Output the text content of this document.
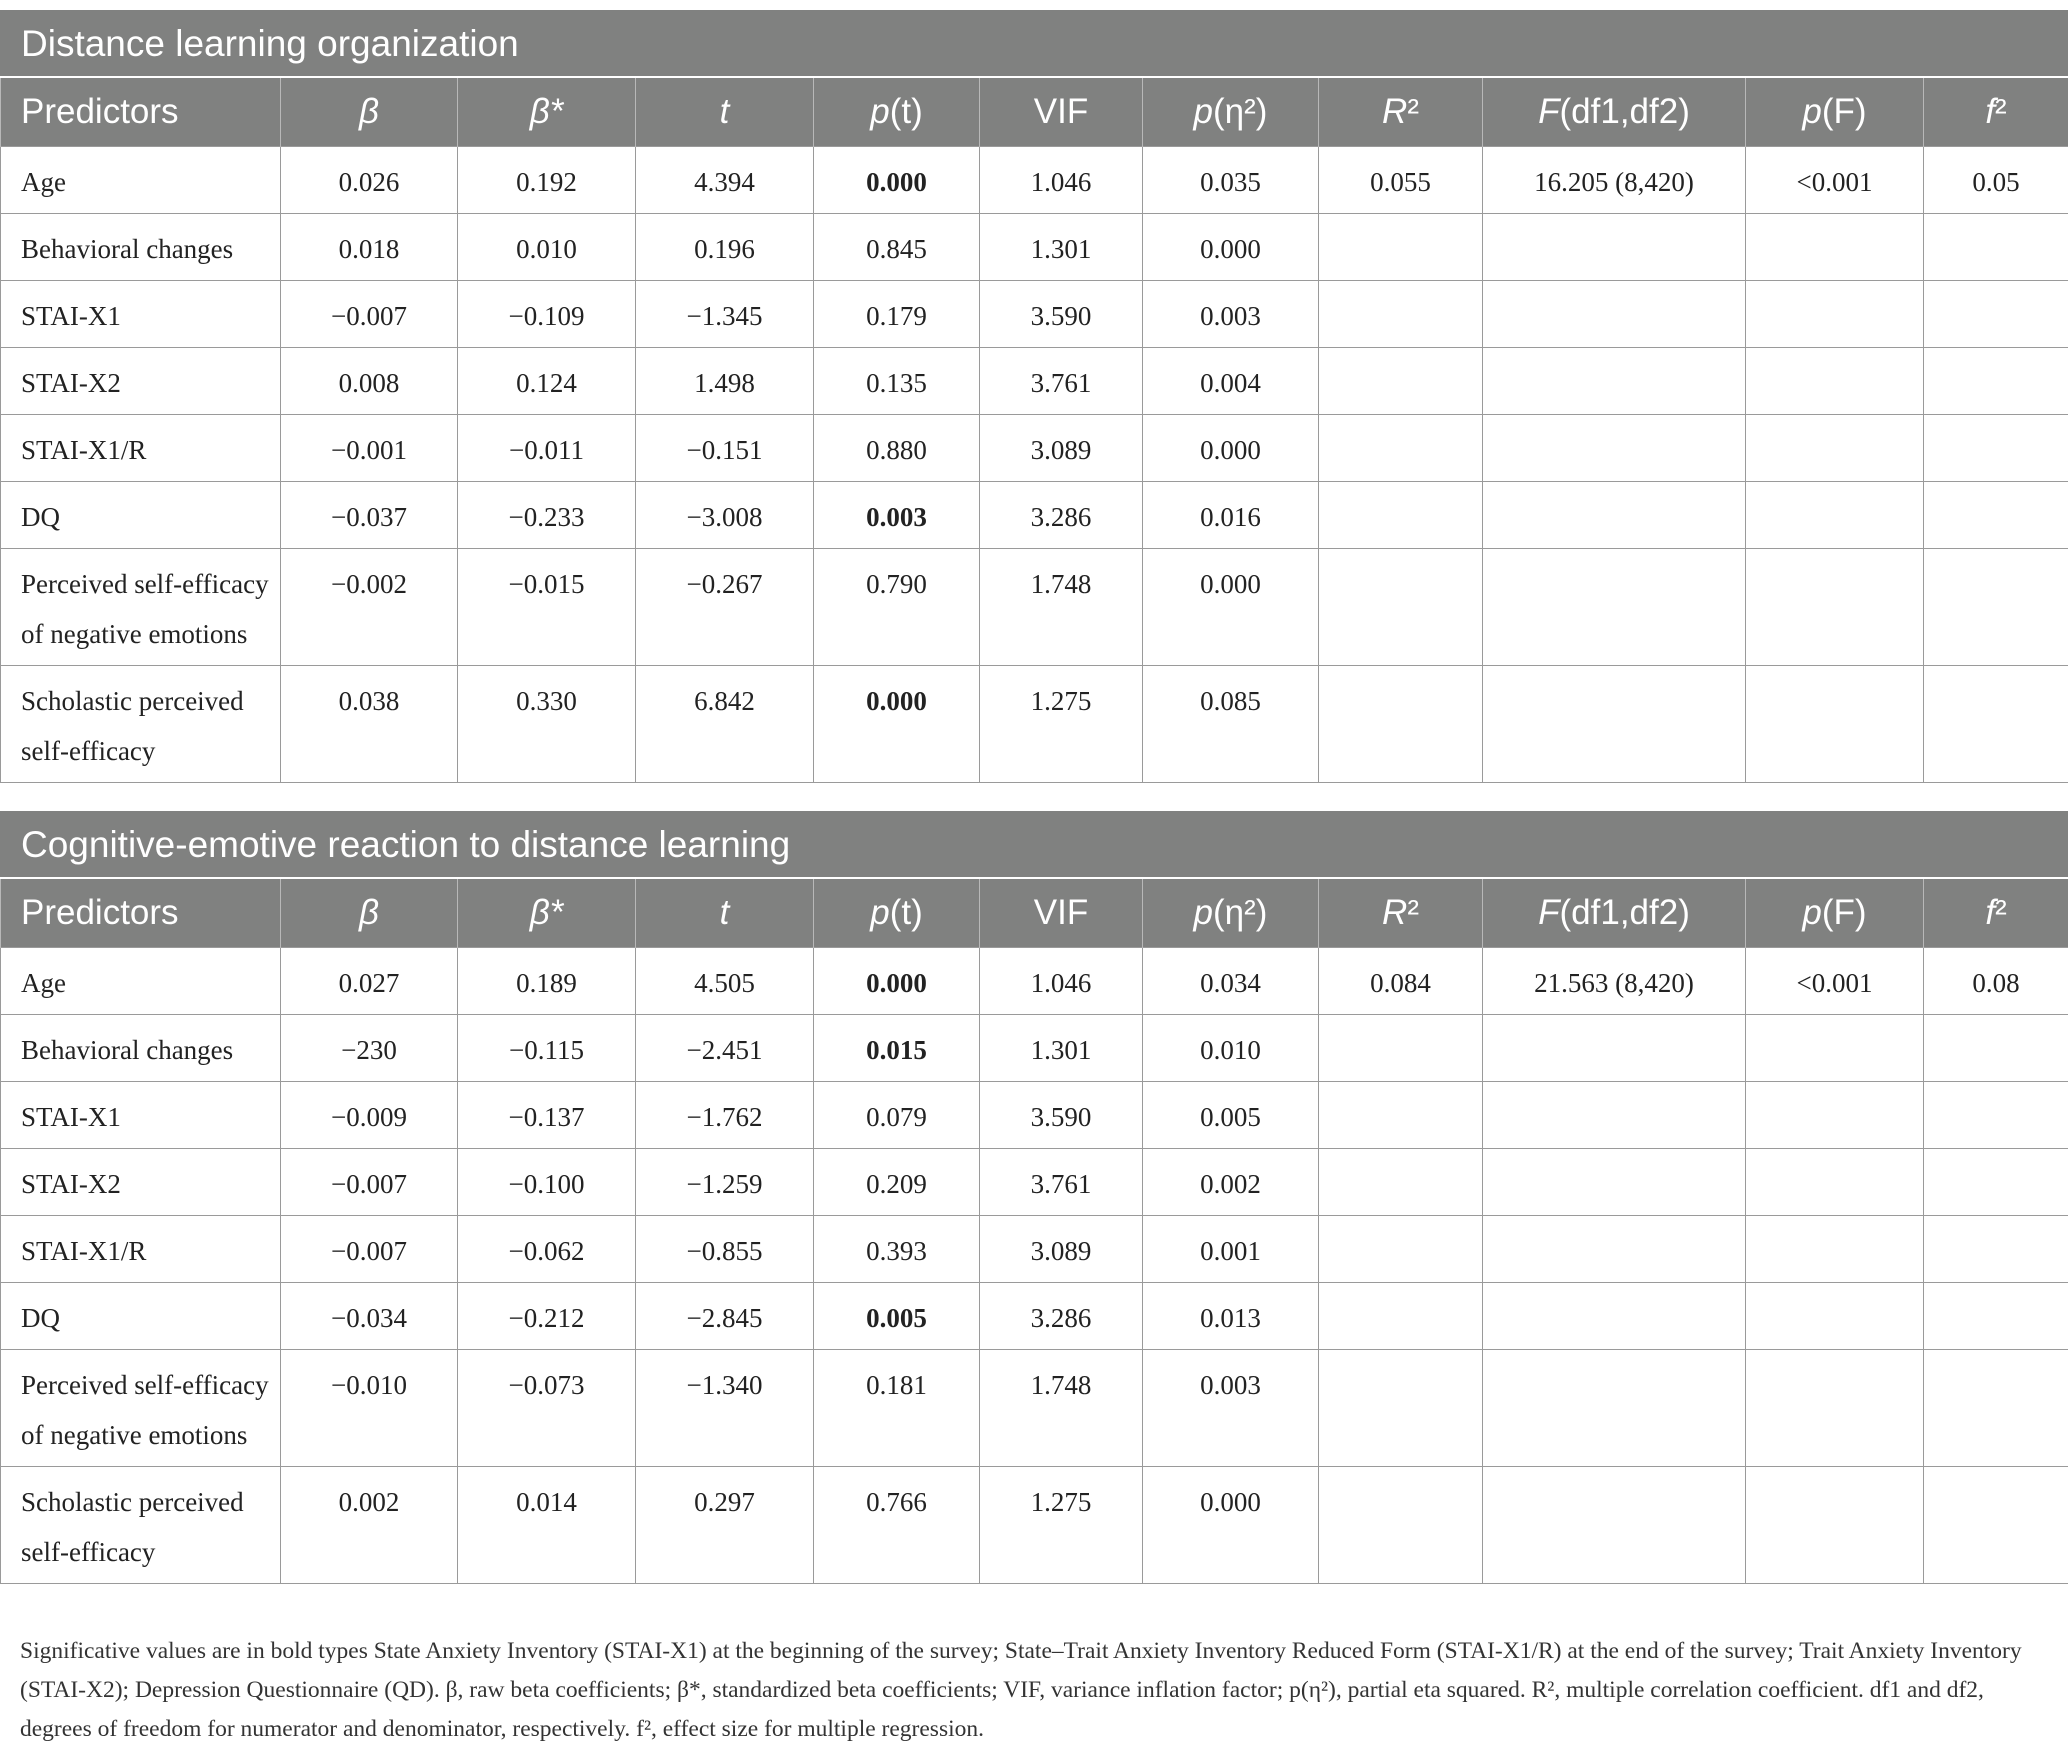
Distance learning organization										
Predictors	β	β*	t	p(t)	VIF	p(η²)	R²	F(df1,df2)	p(F)	f²
Age	0.026	0.192	4.394	0.000	1.046	0.035	0.055	16.205 (8,420)	<0.001	0.05
Behavioral changes	0.018	0.010	0.196	0.845	1.301	0.000				
STAI-X1	−0.007	−0.109	−1.345	0.179	3.590	0.003				
STAI-X2	0.008	0.124	1.498	0.135	3.761	0.004				
STAI-X1/R	−0.001	−0.011	−0.151	0.880	3.089	0.000				
DQ	−0.037	−0.233	−3.008	0.003	3.286	0.016				
Perceived self-efficacy of negative emotions	−0.002	−0.015	−0.267	0.790	1.748	0.000				
Scholastic perceived self-efficacy	0.038	0.330	6.842	0.000	1.275	0.085				
Cognitive-emotive reaction to distance learning										
Predictors	β	β*	t	p(t)	VIF	p(η²)	R²	F(df1,df2)	p(F)	f²
Age	0.027	0.189	4.505	0.000	1.046	0.034	0.084	21.563 (8,420)	<0.001	0.08
Behavioral changes	−230	−0.115	−2.451	0.015	1.301	0.010				
STAI-X1	−0.009	−0.137	−1.762	0.079	3.590	0.005				
STAI-X2	−0.007	−0.100	−1.259	0.209	3.761	0.002				
STAI-X1/R	−0.007	−0.062	−0.855	0.393	3.089	0.001				
DQ	−0.034	−0.212	−2.845	0.005	3.286	0.013				
Perceived self-efficacy of negative emotions	−0.010	−0.073	−1.340	0.181	1.748	0.003				
Scholastic perceived self-efficacy	0.002	0.014	0.297	0.766	1.275	0.000				
Significative values are in bold types State Anxiety Inventory (STAI-X1) at the beginning of the survey; State–Trait Anxiety Inventory Reduced Form (STAI-X1/R) at the end of the survey; Trait Anxiety Inventory (STAI-X2); Depression Questionnaire (QD). β, raw beta coefficients; β*, standardized beta coefficients; VIF, variance inflation factor; p(η²), partial eta squared. R², multiple correlation coefficient. df1 and df2, degrees of freedom for numerator and denominator, respectively. f², effect size for multiple regression.
